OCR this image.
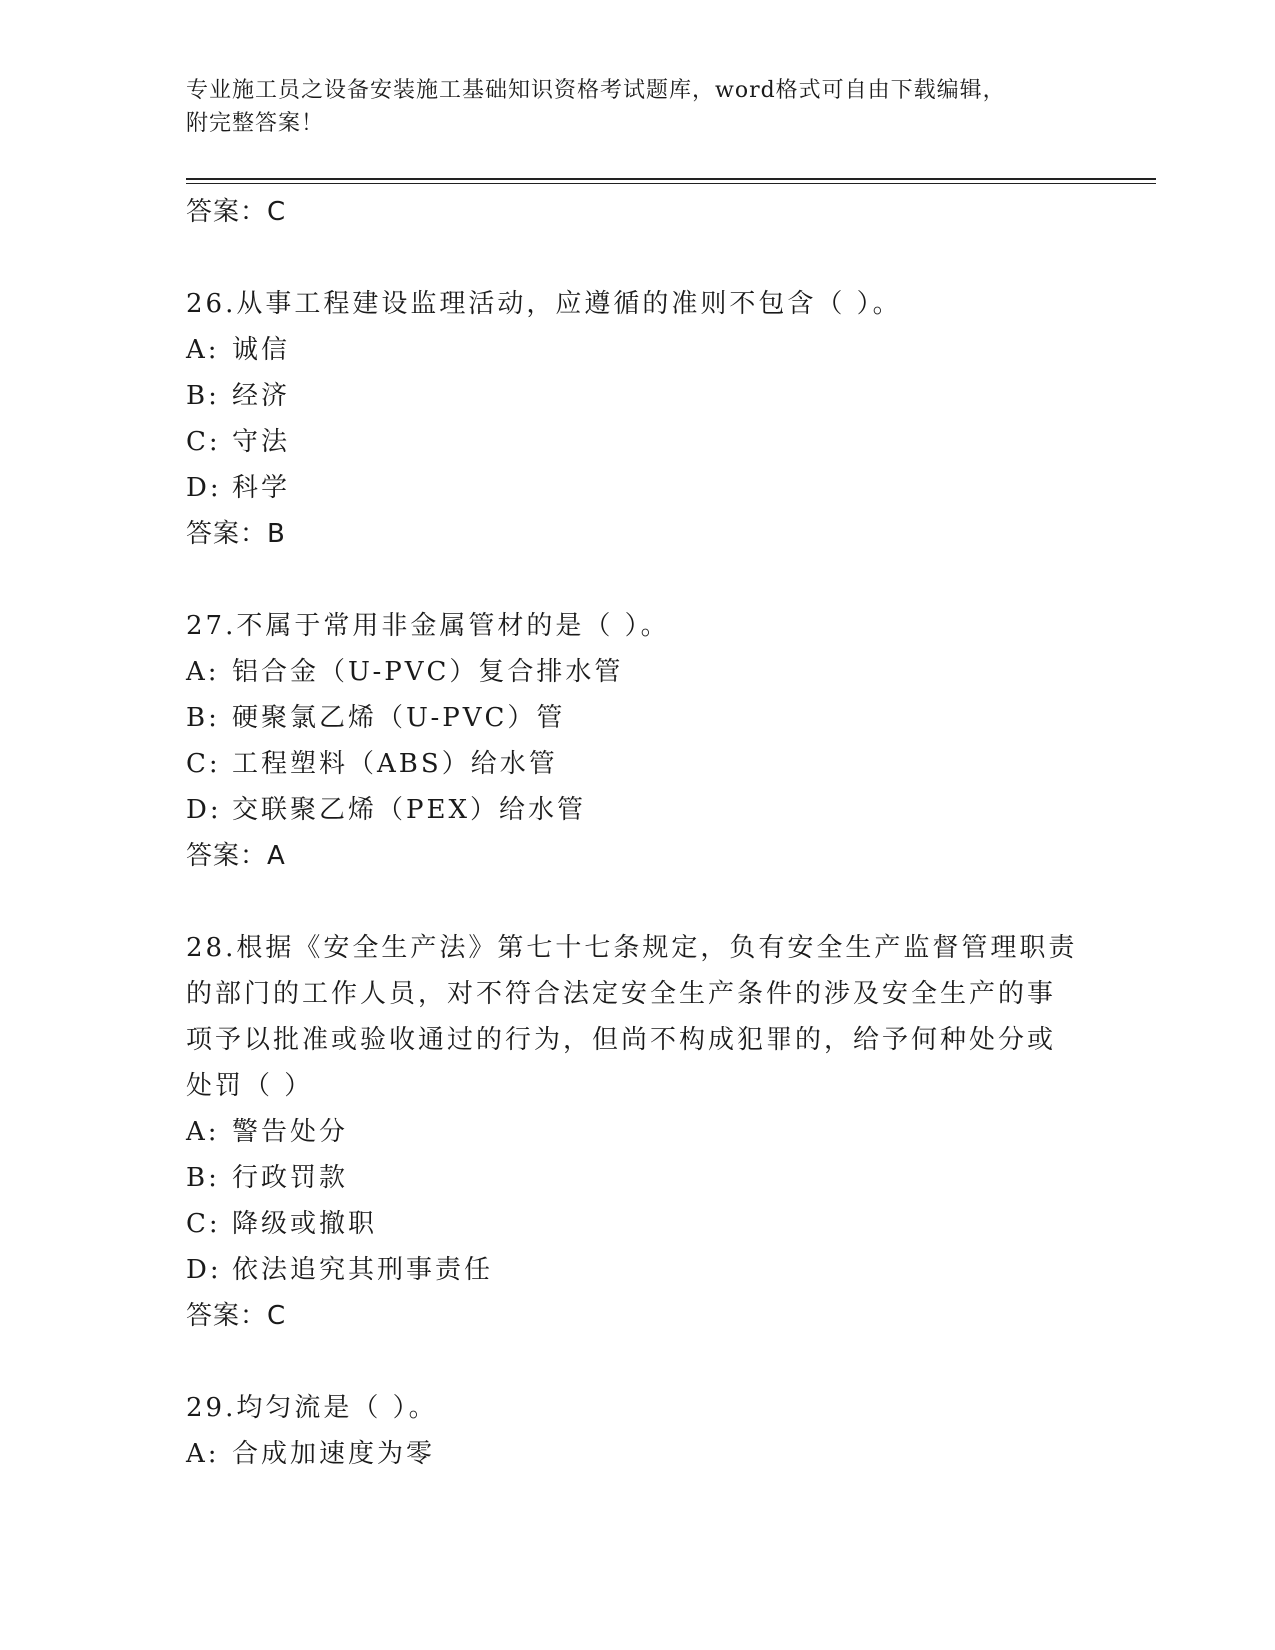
专业施工员之设备安装施工基础知识资格考试题库，word格式可自由下载编辑，
附完整答案！
答案：C
26.从事工程建设监理活动，应遵循的准则不包含（ ）。
A: 诚信
B: 经济
C: 守法
D: 科学
答案：B
27.不属于常用非金属管材的是（ ）。
A: 铝合金（U-PVC）复合排水管
B: 硬聚氯乙烯（U-PVC）管
C: 工程塑料（ABS）给水管
D: 交联聚乙烯（PEX）给水管
答案：A
28.根据《安全生产法》第七十七条规定，负有安全生产监督管理职责
的部门的工作人员，对不符合法定安全生产条件的涉及安全生产的事
项予以批准或验收通过的行为，但尚不构成犯罪的，给予何种处分或
处罚（ ）
A: 警告处分
B: 行政罚款
C: 降级或撤职
D: 依法追究其刑事责任
答案：C
29.均匀流是（ ）。
A: 合成加速度为零
